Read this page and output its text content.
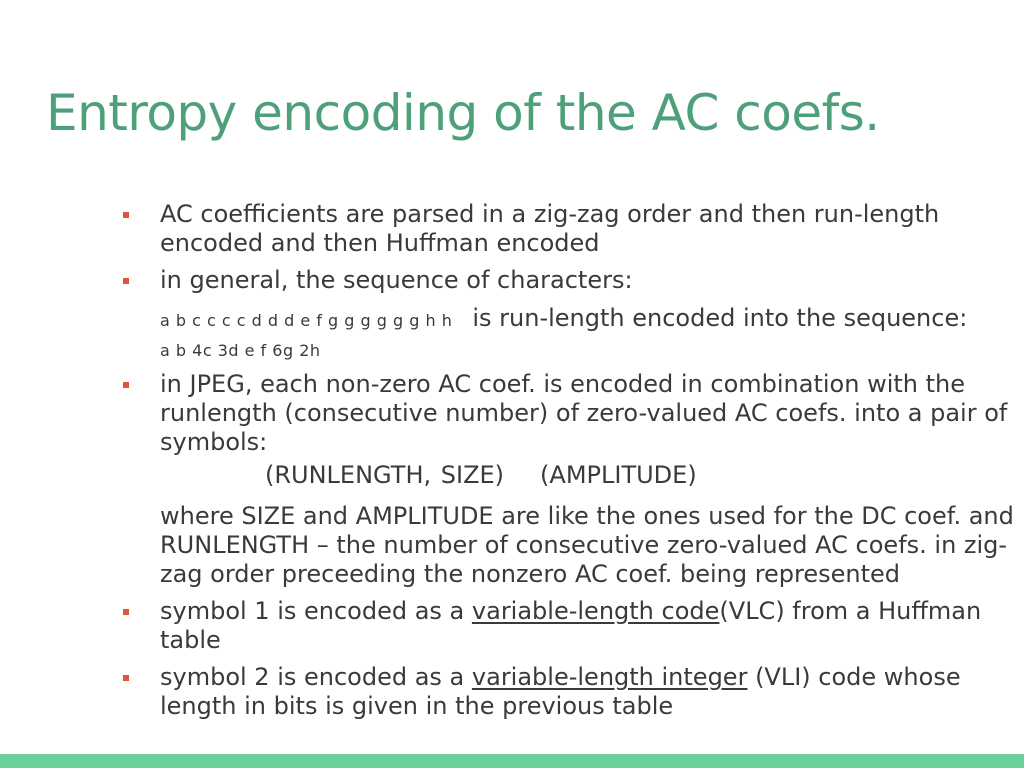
Entropy encoding of the AC coefs.
AC coefficients are parsed in a zig-zag order and then run-length encoded and then Huffman encoded
in general, the sequence of characters:
a b c c c c d d d e f g g g g g g h h is run-length encoded into the sequence:
a b 4c 3d e f 6g 2h
in JPEG, each non-zero AC coef. is encoded in combination with the runlength (consecutive number) of zero-valued AC coefs. into a pair of symbols:
(RUNLENGTH, SIZE) (AMPLITUDE)
where SIZE and AMPLITUDE are like the ones used for the DC coef. and RUNLENGTH – the number of consecutive zero-valued AC coefs. in zig-zag order preceeding the nonzero AC coef. being represented
symbol 1 is encoded as a variable-length code(VLC) from a Huffman table
symbol 2 is encoded as a variable-length integer (VLI) code whose length in bits is given in the previous table
